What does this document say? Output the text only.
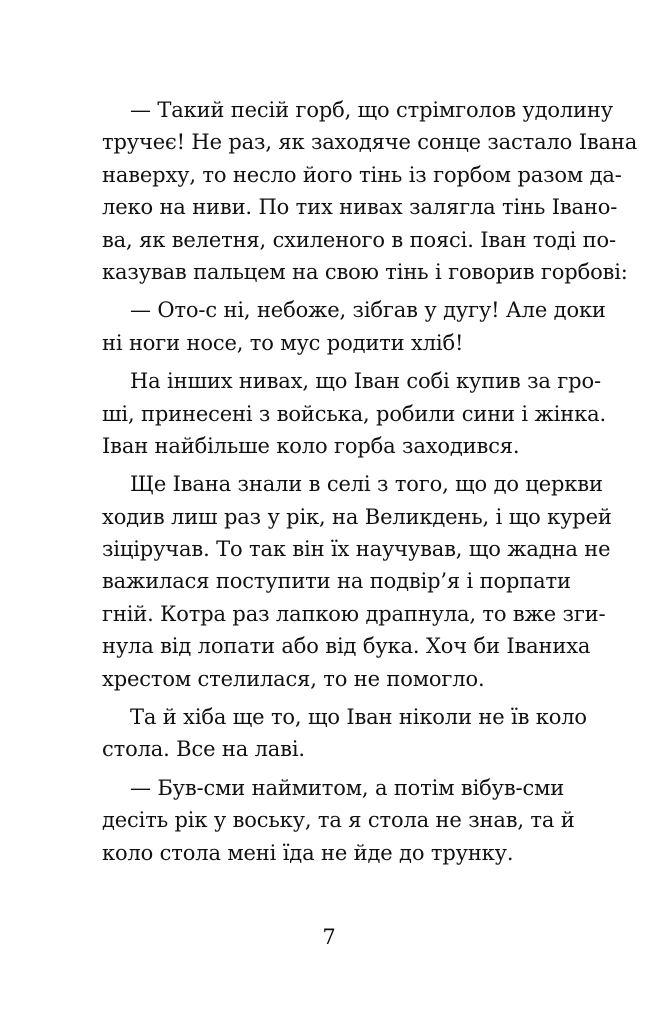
— Такий песій горб, що стрімголов удолину
тручеє! Не раз, як заходяче сонце застало Івана
наверху, то несло його тінь із горбом разом да-
леко на ниви. По тих нивах залягла тінь Іванo-
ва, як велетня, схиленого в поясі. Іван тоді по-
казував пальцем на свою тінь і говорив горбові:
— Ото-с ні, небоже, зібгав у дугу! Але доки
ні ноги носе, то мус родити хліб!
На інших нивах, що Іван собі купив за гро-
ші, принесені з войська, робили сини і жінка.
Іван найбільше коло горба заходився.
Ще Івана знали в селі з того, що до церкви
ходив лиш раз у рік, на Великдень, і що курей
зіціручав. То так він їх научував, що жадна не
важилася поступити на подвір’я і порпати
гній. Котра раз лапкою драпнула, то вже зги-
нула від лопати або від бука. Хоч би Іваниха
хрестом стелилася, то не помогло.
Та й хіба ще то, що Іван ніколи не їв коло
стола. Все на лаві.
— Був-сми наймитом, а потім вібув-сми
десіть рік у воську, та я стола не знав, та й
коло стола мені їда не йде до трунку.
7
